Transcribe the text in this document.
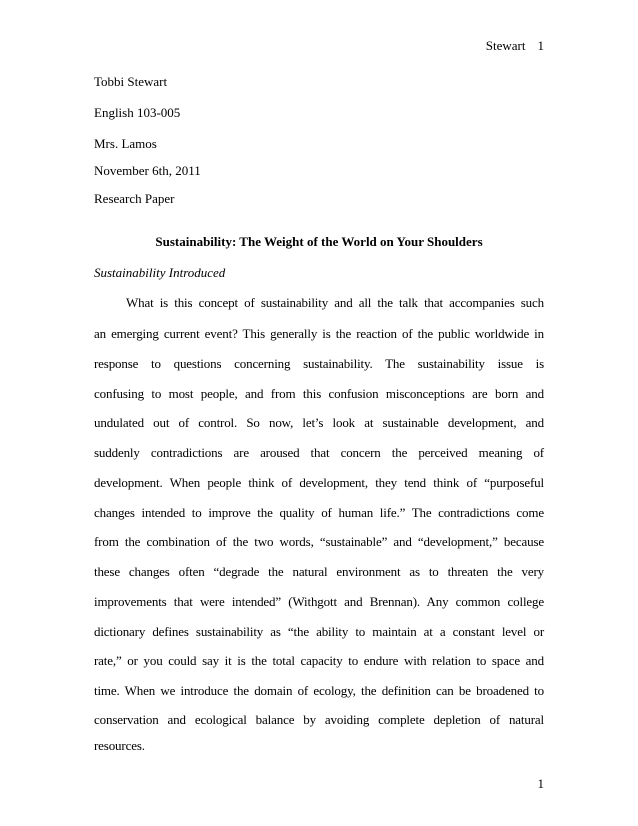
Stewart 1
Tobbi Stewart
English 103-005
Mrs. Lamos
November 6th, 2011
Research Paper
Sustainability: The Weight of the World on Your Shoulders
Sustainability Introduced
What is this concept of sustainability and all the talk that accompanies such
an emerging current event? This generally is the reaction of the public worldwide in
response to questions concerning sustainability. The sustainability issue is
confusing to most people, and from this confusion misconceptions are born and
undulated out of control. So now, let’s look at sustainable development, and
suddenly contradictions are aroused that concern the perceived meaning of
development. When people think of development, they tend think of “purposeful
changes intended to improve the quality of human life.” The contradictions come
from the combination of the two words, “sustainable” and “development,” because
these changes often “degrade the natural environment as to threaten the very
improvements that were intended” (Withgott and Brennan). Any common college
dictionary defines sustainability as “the ability to maintain at a constant level or
rate,” or you could say it is the total capacity to endure with relation to space and
time. When we introduce the domain of ecology, the definition can be broadened to
conservation and ecological balance by avoiding complete depletion of natural
resources.
1
